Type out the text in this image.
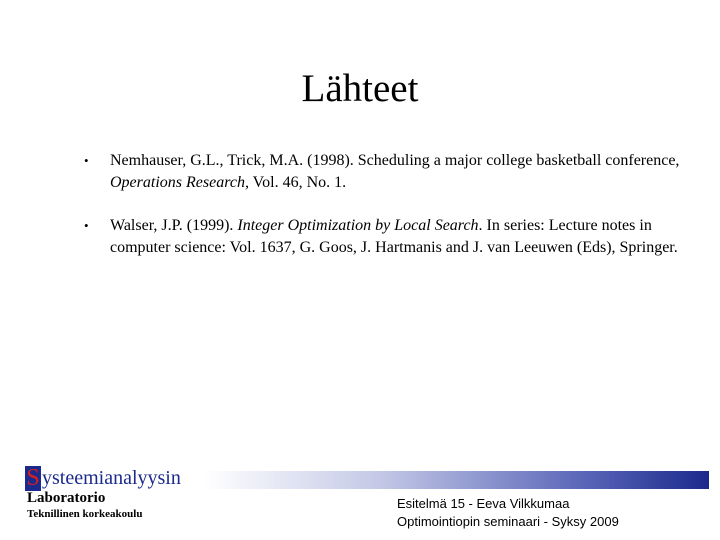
Lähteet
• Nemhauser, G.L., Trick, M.A. (1998). Scheduling a major college basketball conference, Operations Research, Vol. 46, No. 1.
• Walser, J.P. (1999). Integer Optimization by Local Search. In series: Lecture notes in computer science: Vol. 1637, G. Goos, J. Hartmanis and J. van Leeuwen (Eds), Springer.
S ysteemianalyysin
Laboratorio
Teknillinen korkeakoulu
Esitelmä 15 - Eeva Vilkkumaa
Optimointiopin seminaari - Syksy 2009
